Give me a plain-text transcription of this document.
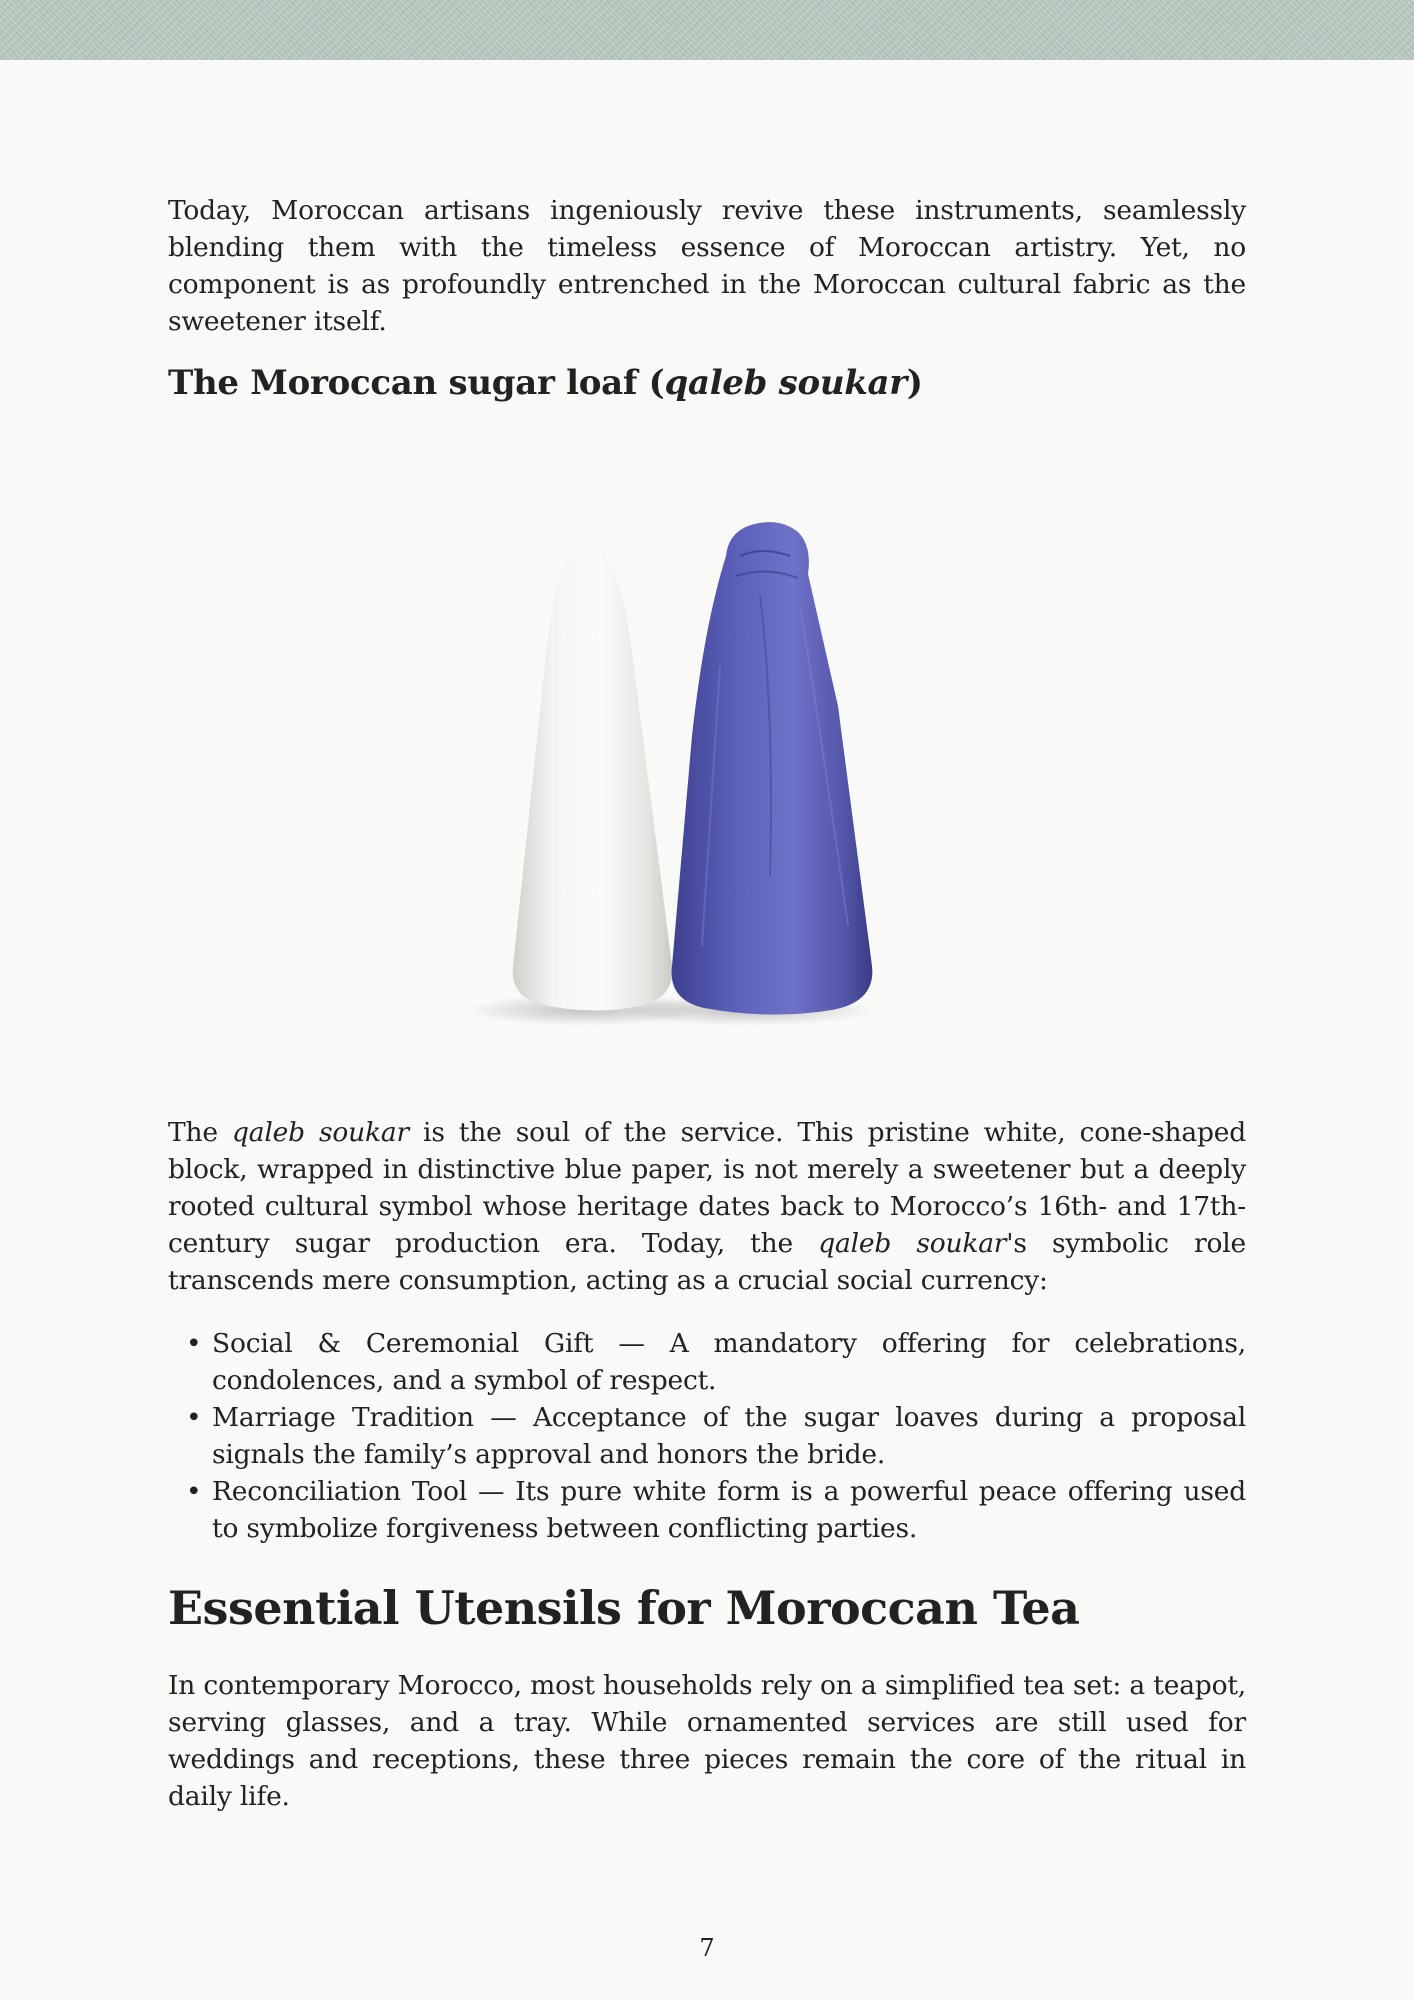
Today, Moroccan artisans ingeniously revive these instruments, seamlessly blending them with the timeless essence of Moroccan artistry. Yet, no component is as profoundly entrenched in the Moroccan cultural fabric as the sweetener itself.

The Moroccan sugar loaf (qaleb soukar)

The qaleb soukar is the soul of the service. This pristine white, cone-shaped block, wrapped in distinctive blue paper, is not merely a sweetener but a deeply rooted cultural symbol whose heritage dates back to Morocco’s 16th- and 17th-century sugar production era. Today, the qaleb soukar's symbolic role transcends mere consumption, acting as a crucial social currency:

• Social & Ceremonial Gift — A mandatory offering for celebrations, condolences, and a symbol of respect.
• Marriage Tradition — Acceptance of the sugar loaves during a proposal signals the family’s approval and honors the bride.
• Reconciliation Tool — Its pure white form is a powerful peace offering used to symbolize forgiveness between conflicting parties.
Essential Utensils for Moroccan Tea

In contemporary Morocco, most households rely on a simplified tea set: a teapot, serving glasses, and a tray. While ornamented services are still used for weddings and receptions, these three pieces remain the core of the ritual in daily life.

7
